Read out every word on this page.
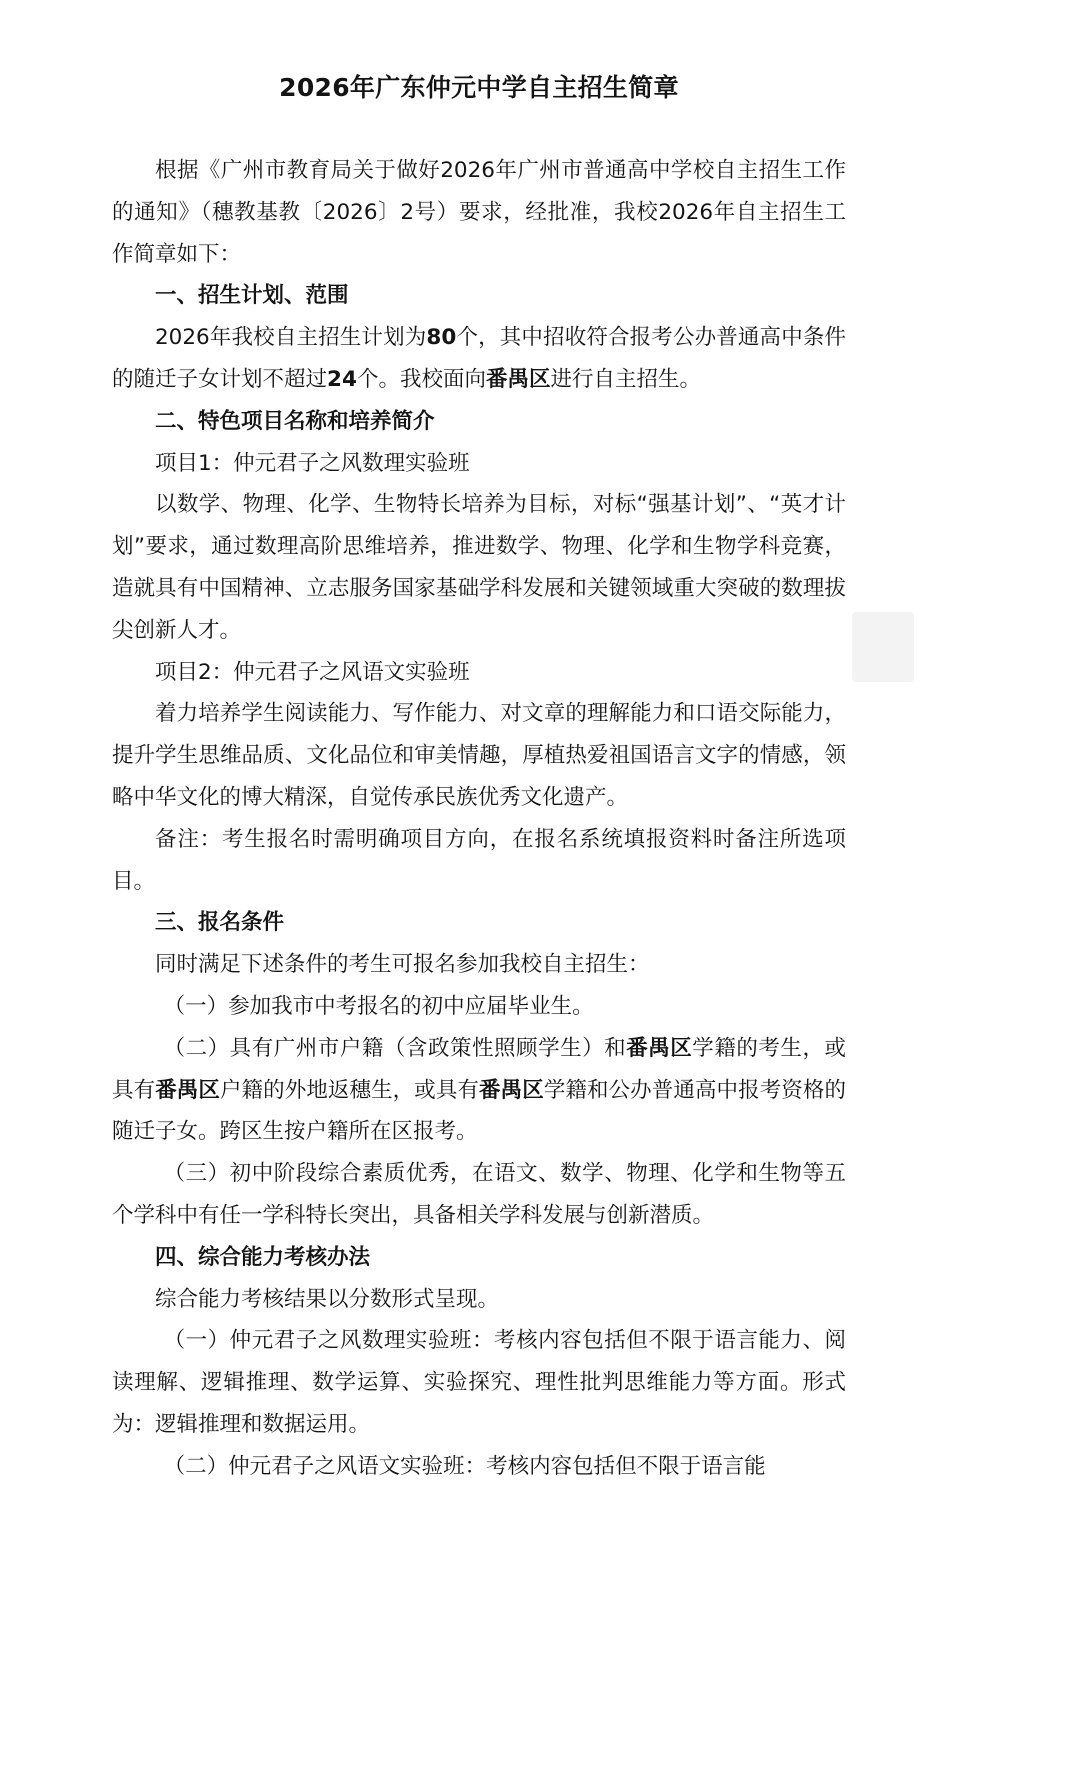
2026年广东仲元中学自主招生简章

根据《广州市教育局关于做好2026年广州市普通高中学校自主招生工作的通知》（穗教基教〔2026〕2号）要求，经批准，我校2026年自主招生工作简章如下：

一、招生计划、范围

2026年我校自主招生计划为80个，其中招收符合报考公办普通高中条件的随迁子女计划不超过24个。我校面向番禺区进行自主招生。

二、特色项目名称和培养简介

项目1：仲元君子之风数理实验班

以数学、物理、化学、生物特长培养为目标，对标“强基计划”、“英才计划”要求，通过数理高阶思维培养，推进数学、物理、化学和生物学科竞赛，造就具有中国精神、立志服务国家基础学科发展和关键领域重大突破的数理拔尖创新人才。

项目2：仲元君子之风语文实验班

着力培养学生阅读能力、写作能力、对文章的理解能力和口语交际能力，提升学生思维品质、文化品位和审美情趣，厚植热爱祖国语言文字的情感，领略中华文化的博大精深，自觉传承民族优秀文化遗产。

备注：考生报名时需明确项目方向，在报名系统填报资料时备注所选项目。

三、报名条件

同时满足下述条件的考生可报名参加我校自主招生：

（一）参加我市中考报名的初中应届毕业生。

（二）具有广州市户籍（含政策性照顾学生）和番禺区学籍的考生，或具有番禺区户籍的外地返穗生，或具有番禺区学籍和公办普通高中报考资格的随迁子女。跨区生按户籍所在区报考。

（三）初中阶段综合素质优秀，在语文、数学、物理、化学和生物等五个学科中有任一学科特长突出，具备相关学科发展与创新潜质。

四、综合能力考核办法

综合能力考核结果以分数形式呈现。

（一）仲元君子之风数理实验班：考核内容包括但不限于语言能力、阅读理解、逻辑推理、数学运算、实验探究、理性批判思维能力等方面。形式为：逻辑推理和数据运用。

（二）仲元君子之风语文实验班：考核内容包括但不限于语言能
